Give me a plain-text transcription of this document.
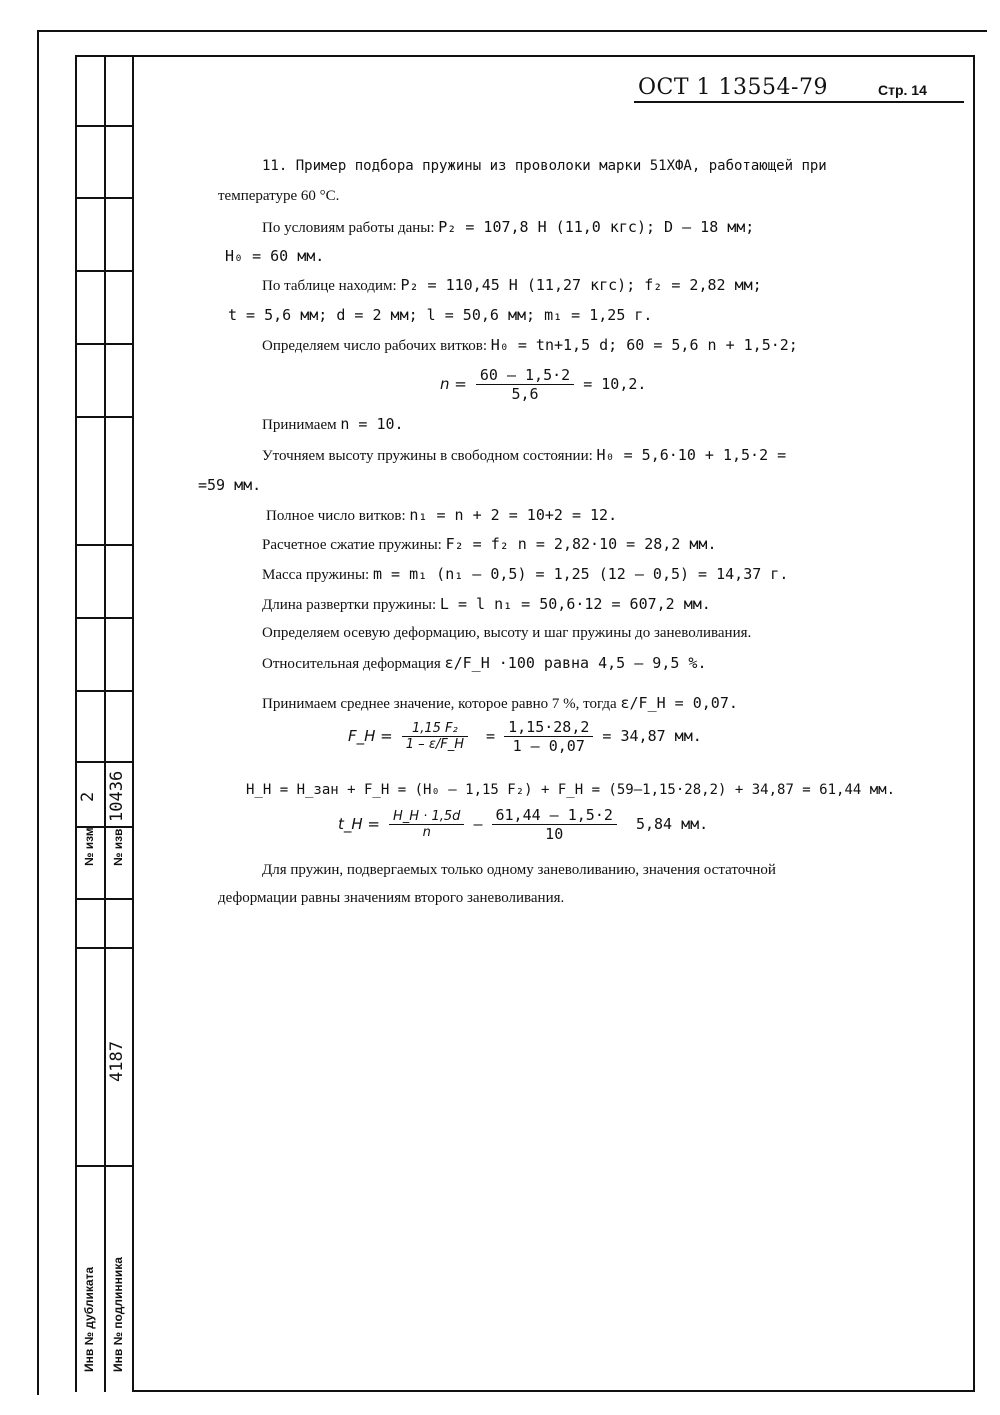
№ изм № изв
2 10436
4187
Инв № дубликата Инв № подлинника
ОСТ 1 13554-79	Стр. 14
11. Пример подбора пружины из проволоки марки 51ХФА, работающей при
температуре 60 °С.
По условиям работы даны: P₂ = 107,8 Н (11,0 кгс); D – 18 мм;
H₀ = 60 мм.
По таблице находим: P₂ = 110,45 Н (11,27 кгс); f₂ = 2,82 мм;
t = 5,6 мм; d = 2 мм; l = 50,6 мм; m₁ = 1,25 г.
Определяем число рабочих витков: H₀ = tn+1,5 d; 60 = 5,6 n + 1,5·2;
$n = \frac{60 - 1,5\cdot 2}{5,6} = 10,2$.
Принимаем n = 10.
Уточняем высоту пружины в свободном состоянии: H₀ = 5,6·10 + 1,5·2 =
=59 мм.
Полное число витков: n₁ = n + 2 = 10+2 = 12.
Расчетное сжатие пружины: F₂ = f₂ n = 2,82·10 = 28,2 мм.
Масса пружины: m = m₁ (n₁ – 0,5) = 1,25 (12 – 0,5) = 14,37 г.
Длина развертки пружины: L = l n₁ = 50,6·12 = 607,2 мм.
Определяем осевую деформацию, высоту и шаг пружины до заневоливания.
Относительная деформация ε/F_H ·100 равна 4,5 – 9,5 %.
Принимаем среднее значение, которое равно 7 %, тогда ε/F_H = 0,07.
F_H = $\frac{\text{1,15 F₂}}{1 - \varepsilon/F\_H} = \frac{1,15\cdot 28,2}{1 - 0,07} = 34,87$ мм.
H_H = H_зан + F_H = (H₀ – 1,15 F₂) + F_H = (59–1,15·28,2) + 34,87 = 61,44 мм.
t_H = $\frac{H\_H \cdot 1,5d}{n} - \frac{61,44 - 1,5\cdot 2}{10} 5,84$ мм.
Для пружин, подвергаемых только одному заневоливанию, значения остаточной
деформации равны значениям второго заневоливания.
